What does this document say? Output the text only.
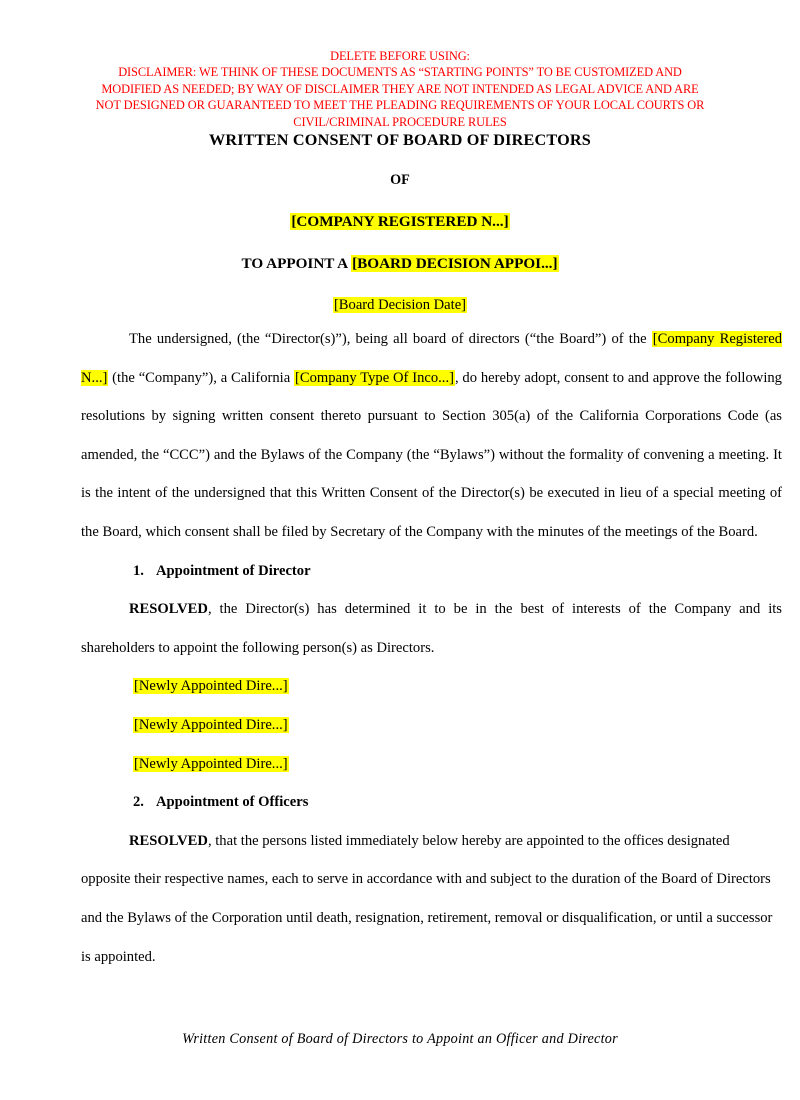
DELETE BEFORE USING:
DISCLAIMER: WE THINK OF THESE DOCUMENTS AS “STARTING POINTS” TO BE CUSTOMIZED AND
MODIFIED AS NEEDED; BY WAY OF DISCLAIMER THEY ARE NOT INTENDED AS LEGAL ADVICE AND ARE
NOT DESIGNED OR GUARANTEED TO MEET THE PLEADING REQUIREMENTS OF YOUR LOCAL COURTS OR
CIVIL/CRIMINAL PROCEDURE RULES
WRITTEN CONSENT OF BOARD OF DIRECTORS
OF
[COMPANY REGISTERED N...]
TO APPOINT A [BOARD DECISION APPOI...]
[Board Decision Date]

The undersigned, (the “Director(s)”), being all board of directors (“the Board”) of the [Company Registered N...] (the “Company”), a California [Company Type Of Inco...], do hereby adopt, consent to and approve the following resolutions by signing written consent thereto pursuant to Section 305(a) of the California Corporations Code (as amended, the “CCC”) and the Bylaws of the Company (the “Bylaws”) without the formality of convening a meeting. It is the intent of the undersigned that this Written Consent of the Director(s) be executed in lieu of a special meeting of the Board, which consent shall be filed by Secretary of the Company with the minutes of the meetings of the Board.

1. Appointment of Director

RESOLVED, the Director(s) has determined it to be in the best of interests of the Company and its shareholders to appoint the following person(s) as Directors.

[Newly Appointed Dire...]

[Newly Appointed Dire...]

[Newly Appointed Dire...]

2. Appointment of Officers

RESOLVED, that the persons listed immediately below hereby are appointed to the offices designated opposite their respective names, each to serve in accordance with and subject to the duration of the Board of Directors and the Bylaws of the Corporation until death, resignation, retirement, removal or disqualification, or until a successor is appointed.

Written Consent of Board of Directors to Appoint an Officer and Director
